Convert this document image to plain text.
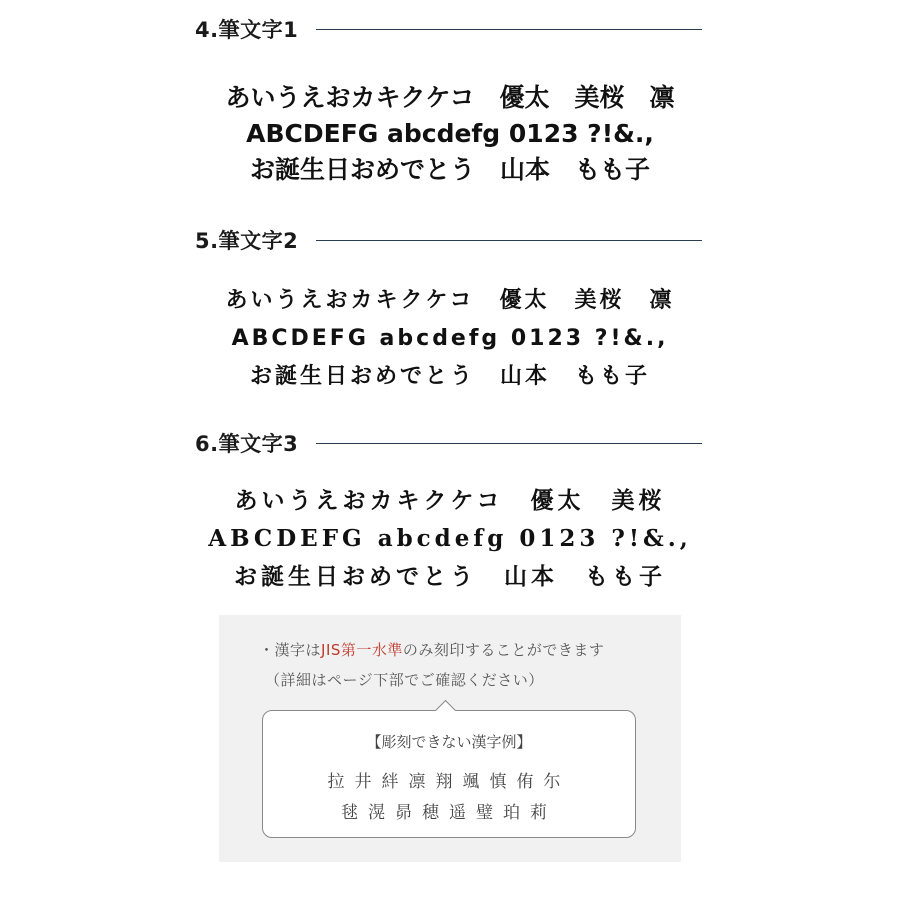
4.筆文字1
あいうえおカキクケコ　優太　美桜　凛
ABCDEFG abcdefg 0123 ?!&.,
お誕生日おめでとう　山本　もも子
5.筆文字2
あいうえおカキクケコ　優太　美桜　凛
ABCDEFG abcdefg 0123 ?!&.,
お誕生日おめでとう　山本　もも子
6.筆文字3
あいうえおカキクケコ　優太　美桜
ABCDEFG abcdefg 0123 ?!&.,
お誕生日おめでとう　山本　もも子
・漢字はJIS第一水準のみ刻印することができます
（詳細はページ下部でご確認ください）
【彫刻できない漢字例】
拉井絆凛翔颯慎侑尓
毬滉昴穂遥璧珀莉
